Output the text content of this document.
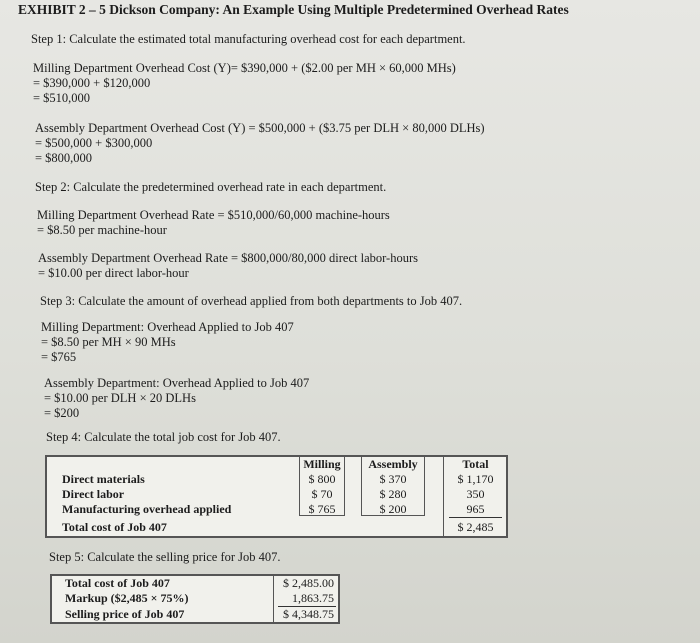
EXHIBIT 2 – 5 Dickson Company: An Example Using Multiple Predetermined Overhead Rates
Step 1: Calculate the estimated total manufacturing overhead cost for each department.
Milling Department Overhead Cost (Y)= $390,000 + ($2.00 per MH × 60,000 MHs)
= $390,000 + $120,000
= $510,000
Assembly Department Overhead Cost (Y) = $500,000 + ($3.75 per DLH × 80,000 DLHs)
= $500,000 + $300,000
= $800,000
Step 2: Calculate the predetermined overhead rate in each department.
Milling Department Overhead Rate = $510,000/60,000 machine-hours
= $8.50 per machine-hour
Assembly Department Overhead Rate = $800,000/80,000 direct labor-hours
= $10.00 per direct labor-hour
Step 3: Calculate the amount of overhead applied from both departments to Job 407.
Milling Department: Overhead Applied to Job 407
= $8.50 per MH × 90 MHs
= $765
Assembly Department: Overhead Applied to Job 407
= $10.00 per DLH × 20 DLHs
= $200
Step 4: Calculate the total job cost for Job 407.
Milling	Assembly	Total
Direct materials
Direct labor
Manufacturing overhead applied
Total cost of Job 407
$ 800
$ 70
$ 765
$ 370
$ 280
$ 200
$ 1,170
350
965
$ 2,485
Step 5: Calculate the selling price for Job 407.
Total cost of Job 407
Markup ($2,485 × 75%)
Selling price of Job 407
$ 2,485.00
1,863.75
$ 4,348.75
